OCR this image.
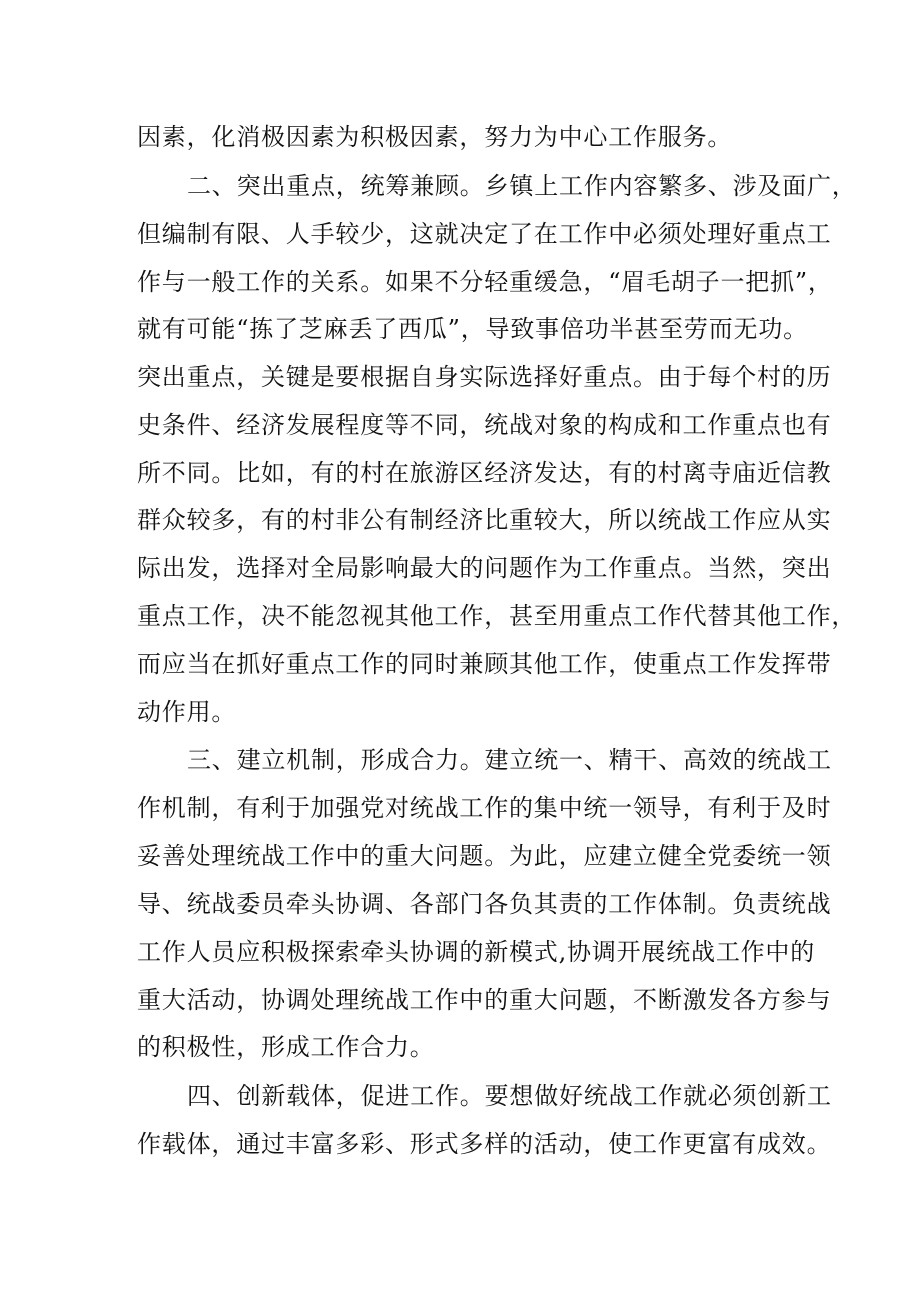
因素，化消极因素为积极因素，努力为中心工作服务。
二、突出重点，统筹兼顾。乡镇上工作内容繁多、涉及面广，
但编制有限、人手较少，这就决定了在工作中必须处理好重点工
作与一般工作的关系。如果不分轻重缓急，“眉毛胡子一把抓”，
就有可能“拣了芝麻丢了西瓜”，导致事倍功半甚至劳而无功。
突出重点，关键是要根据自身实际选择好重点。由于每个村的历
史条件、经济发展程度等不同，统战对象的构成和工作重点也有
所不同。比如，有的村在旅游区经济发达，有的村离寺庙近信教
群众较多，有的村非公有制经济比重较大，所以统战工作应从实
际出发，选择对全局影响最大的问题作为工作重点。当然，突出
重点工作，决不能忽视其他工作，甚至用重点工作代替其他工作，
而应当在抓好重点工作的同时兼顾其他工作，使重点工作发挥带
动作用。
三、建立机制，形成合力。建立统一、精干、高效的统战工
作机制，有利于加强党对统战工作的集中统一领导，有利于及时
妥善处理统战工作中的重大问题。为此，应建立健全党委统一领
导、统战委员牵头协调、各部门各负其责的工作体制。负责统战
工作人员应积极探索牵头协调的新模式,协调开展统战工作中的
重大活动，协调处理统战工作中的重大问题，不断激发各方参与
的积极性，形成工作合力。
四、创新载体，促进工作。要想做好统战工作就必须创新工
作载体，通过丰富多彩、形式多样的活动，使工作更富有成效。
